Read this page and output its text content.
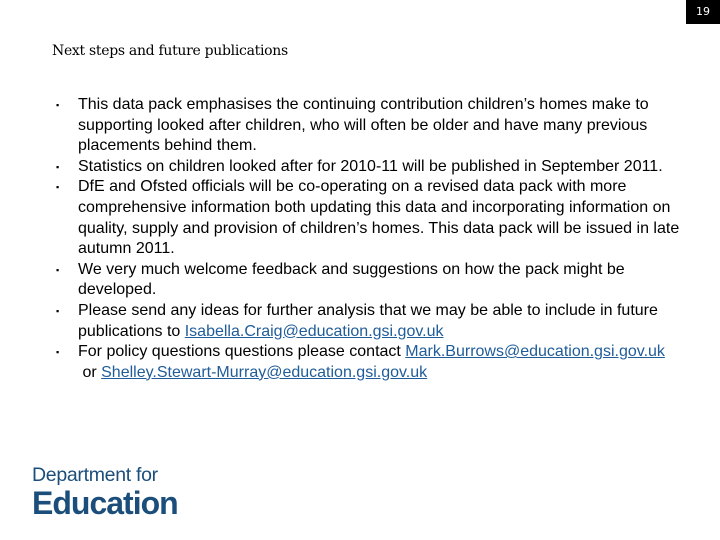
19
Next steps and future publications
▪ This data pack emphasises the continuing contribution children’s homes make to supporting looked after children, who will often be older and have many previous placements behind them.
▪ Statistics on children looked after for 2010-11 will be published in September 2011.
▪ DfE and Ofsted officials will be co-operating on a revised data pack with more comprehensive information both updating this data and incorporating information on quality, supply and provision of children’s homes. This data pack will be issued in late autumn 2011.
▪ We very much welcome feedback and suggestions on how the pack might be developed.
▪ Please send any ideas for further analysis that we may be able to include in future publications to Isabella.Craig@education.gsi.gov.uk
▪ For policy questions questions please contact Mark.Burrows@education.gsi.gov.uk or Shelley.Stewart-Murray@education.gsi.gov.uk
Department for
Education
